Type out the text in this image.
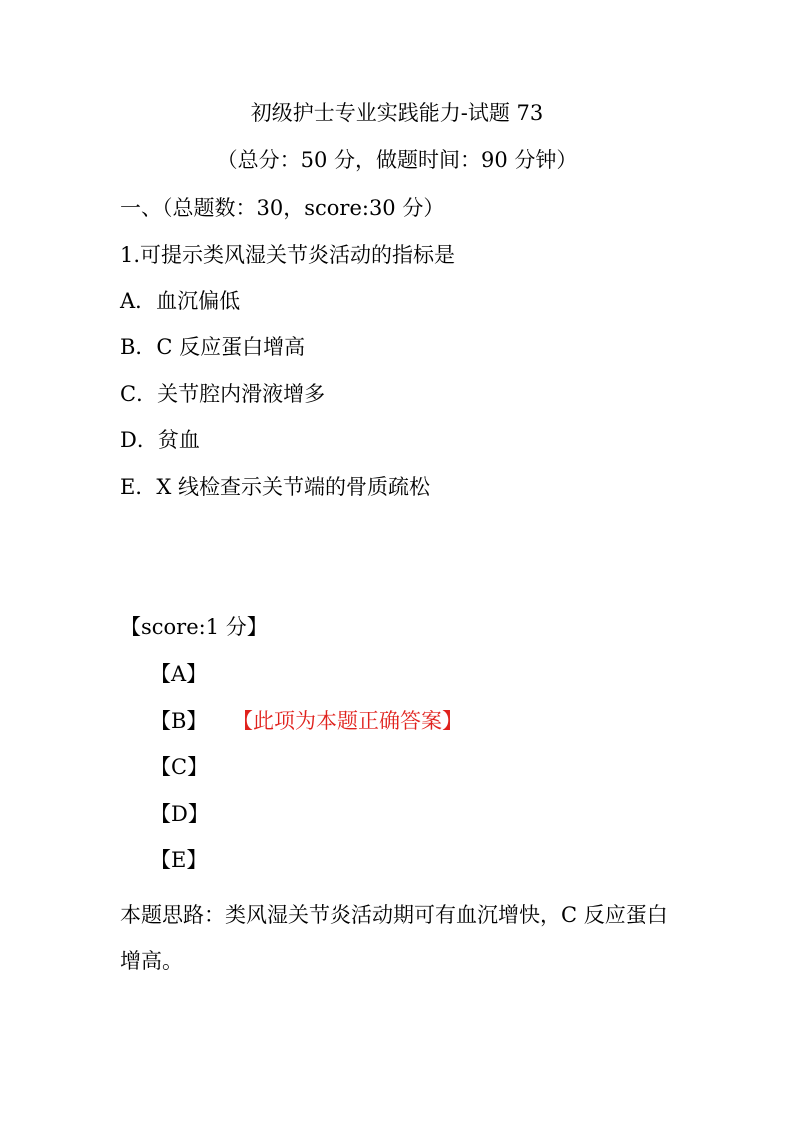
初级护士专业实践能力-试题 73
（总分：50 分，做题时间：90 分钟）
一、（总题数：30，score:30 分）
1.可提示类风湿关节炎活动的指标是
A．血沉偏低
B．C 反应蛋白增高
C．关节腔内滑液增多
D．贫血
E．X 线检查示关节端的骨质疏松
【score:1 分】
【A】
【B】 【此项为本题正确答案】
【C】
【D】
【E】
本题思路：类风湿关节炎活动期可有血沉增快，C 反应蛋白增高。
